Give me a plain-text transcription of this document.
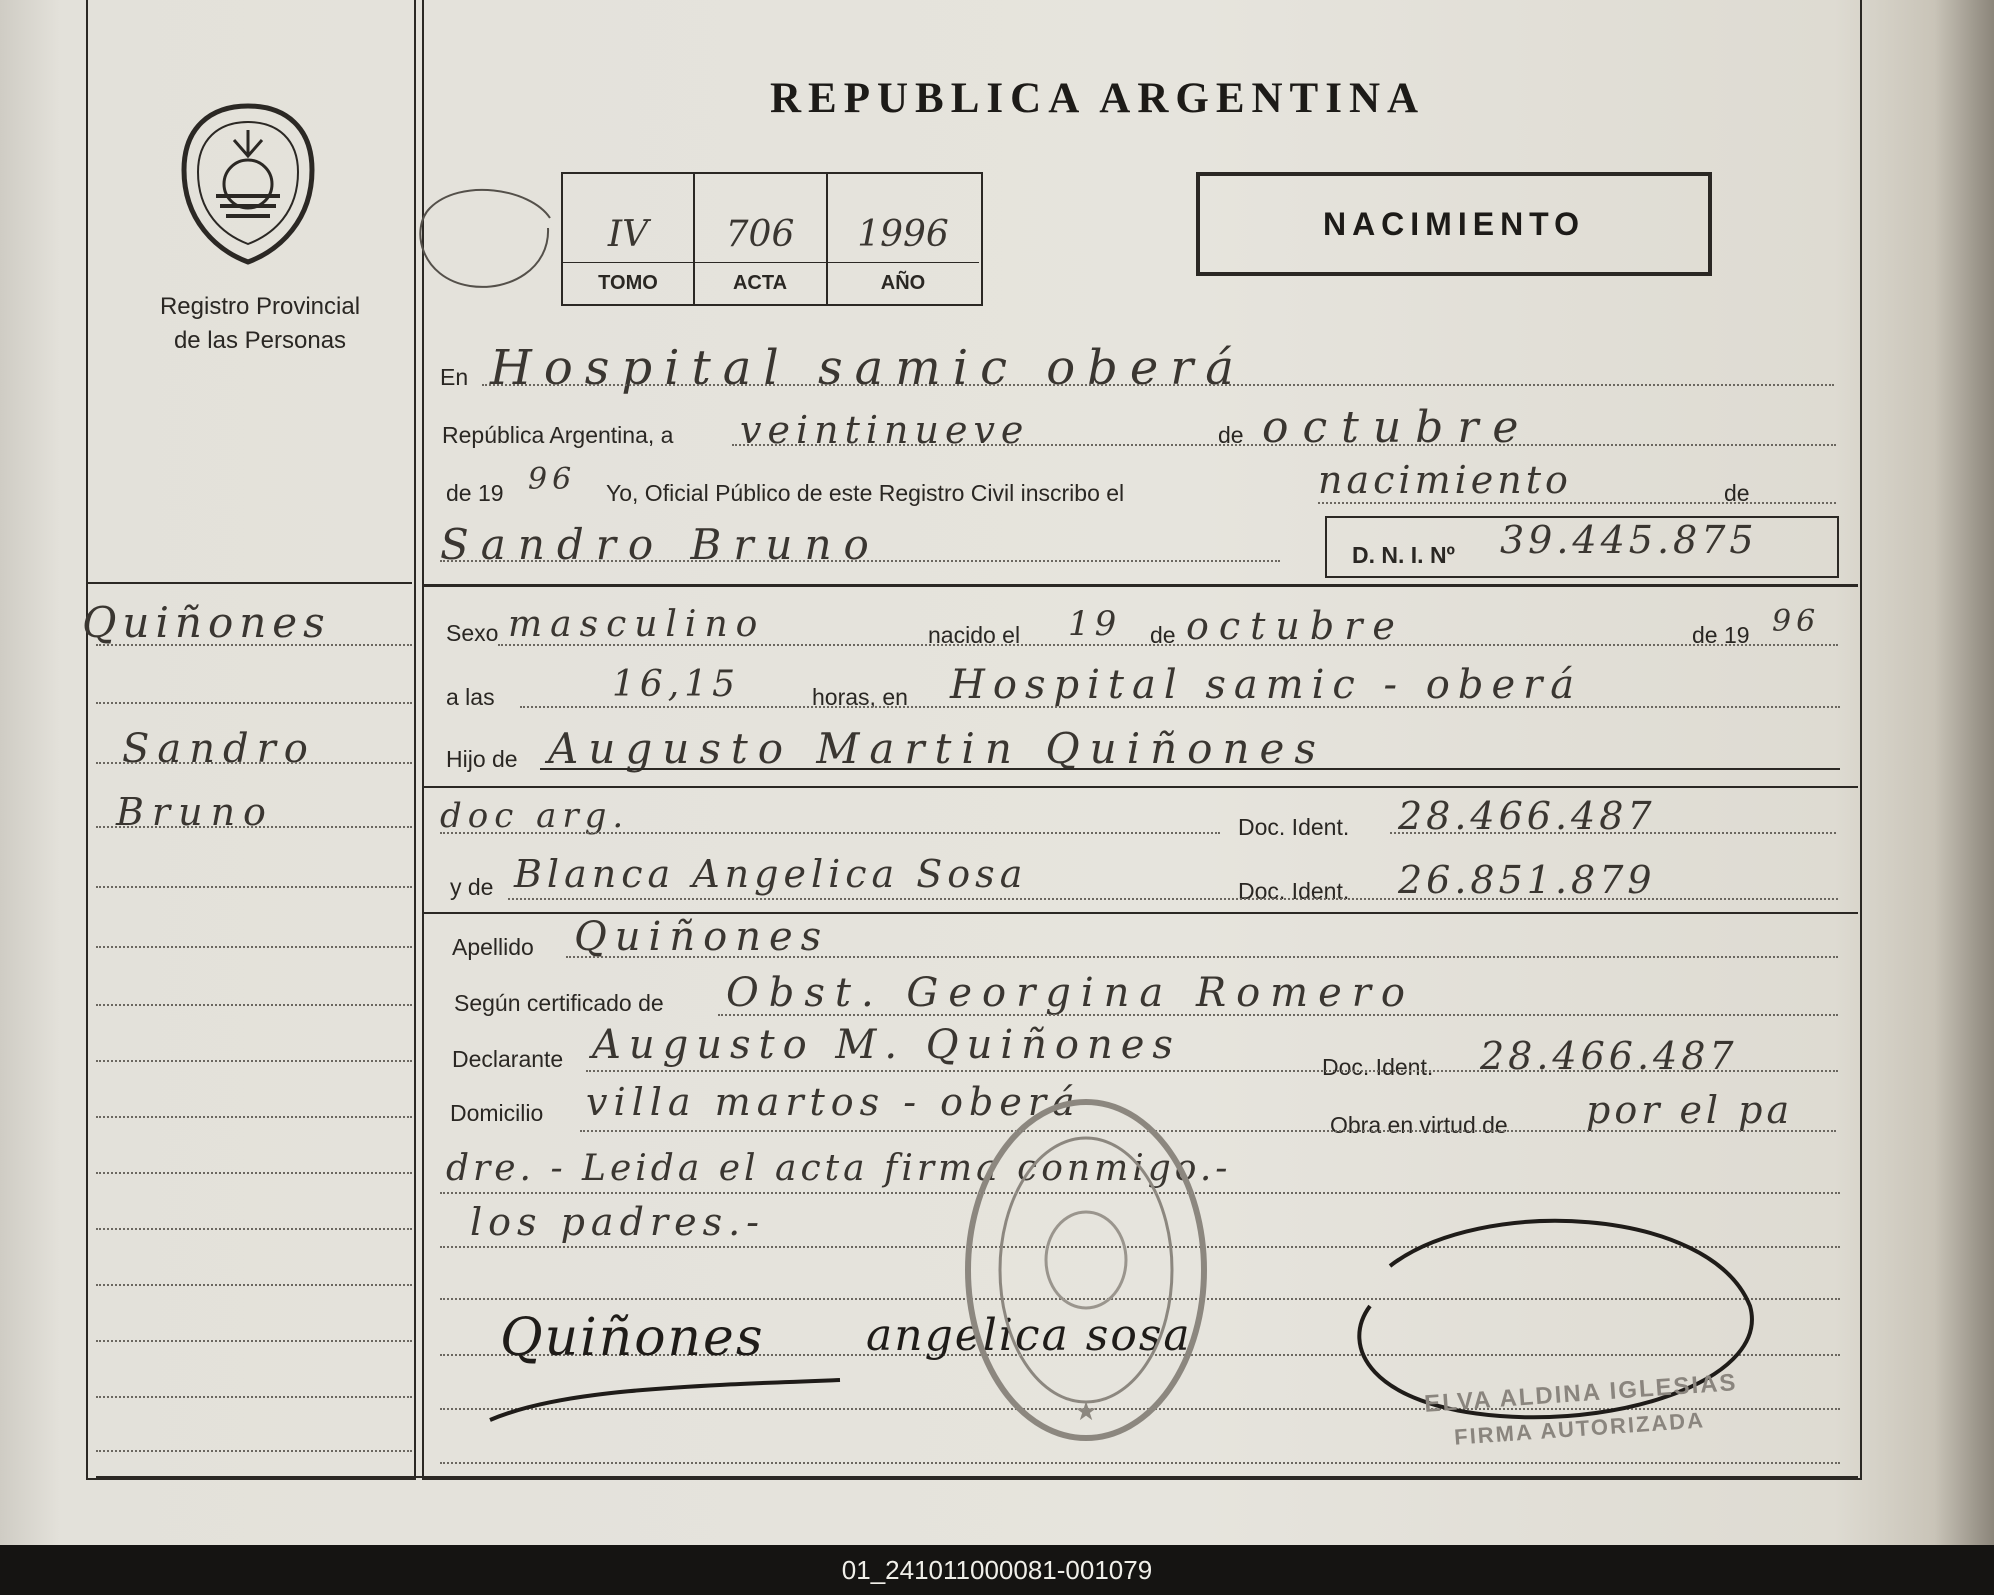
Registro Provincial
de las Personas
REPUBLICA ARGENTINA
IV	706	1996
TOMO	ACTA	AÑO
NACIMIENTO
En Hospital samic oberá
República Argentina, a veintinueve	de octubre
de 19 96 Yo, Oficial Público de este Registro Civil inscribo el	nacimiento	de
Sandro Bruno	D. N. I. Nº 39.445.875
Sexo masculino	nacido el 19 de octubre	de 19 96
a las	16,15	horas, en Hospital samic - oberá
Hijo de Augusto Martin Quiñones
doc arg.	Doc. Ident. 28.466.487
y de Blanca Angelica Sosa	Doc. Ident. 26.851.879
Apellido Quiñones
Según certificado de Obst. Georgina Romero
Declarante Augusto M. Quiñones	Doc. Ident. 28.466.487
Domicilio villa martos - oberá
Obra en virtud de por el pa
dre. - Leida el acta firma conmigo.-
los padres.-
Quiñones angelica sosa
★	ELVA ALDINA IGLESIAS
FIRMA AUTORIZADA
Quiñones
Sandro
Bruno
01_241011000081-001079
